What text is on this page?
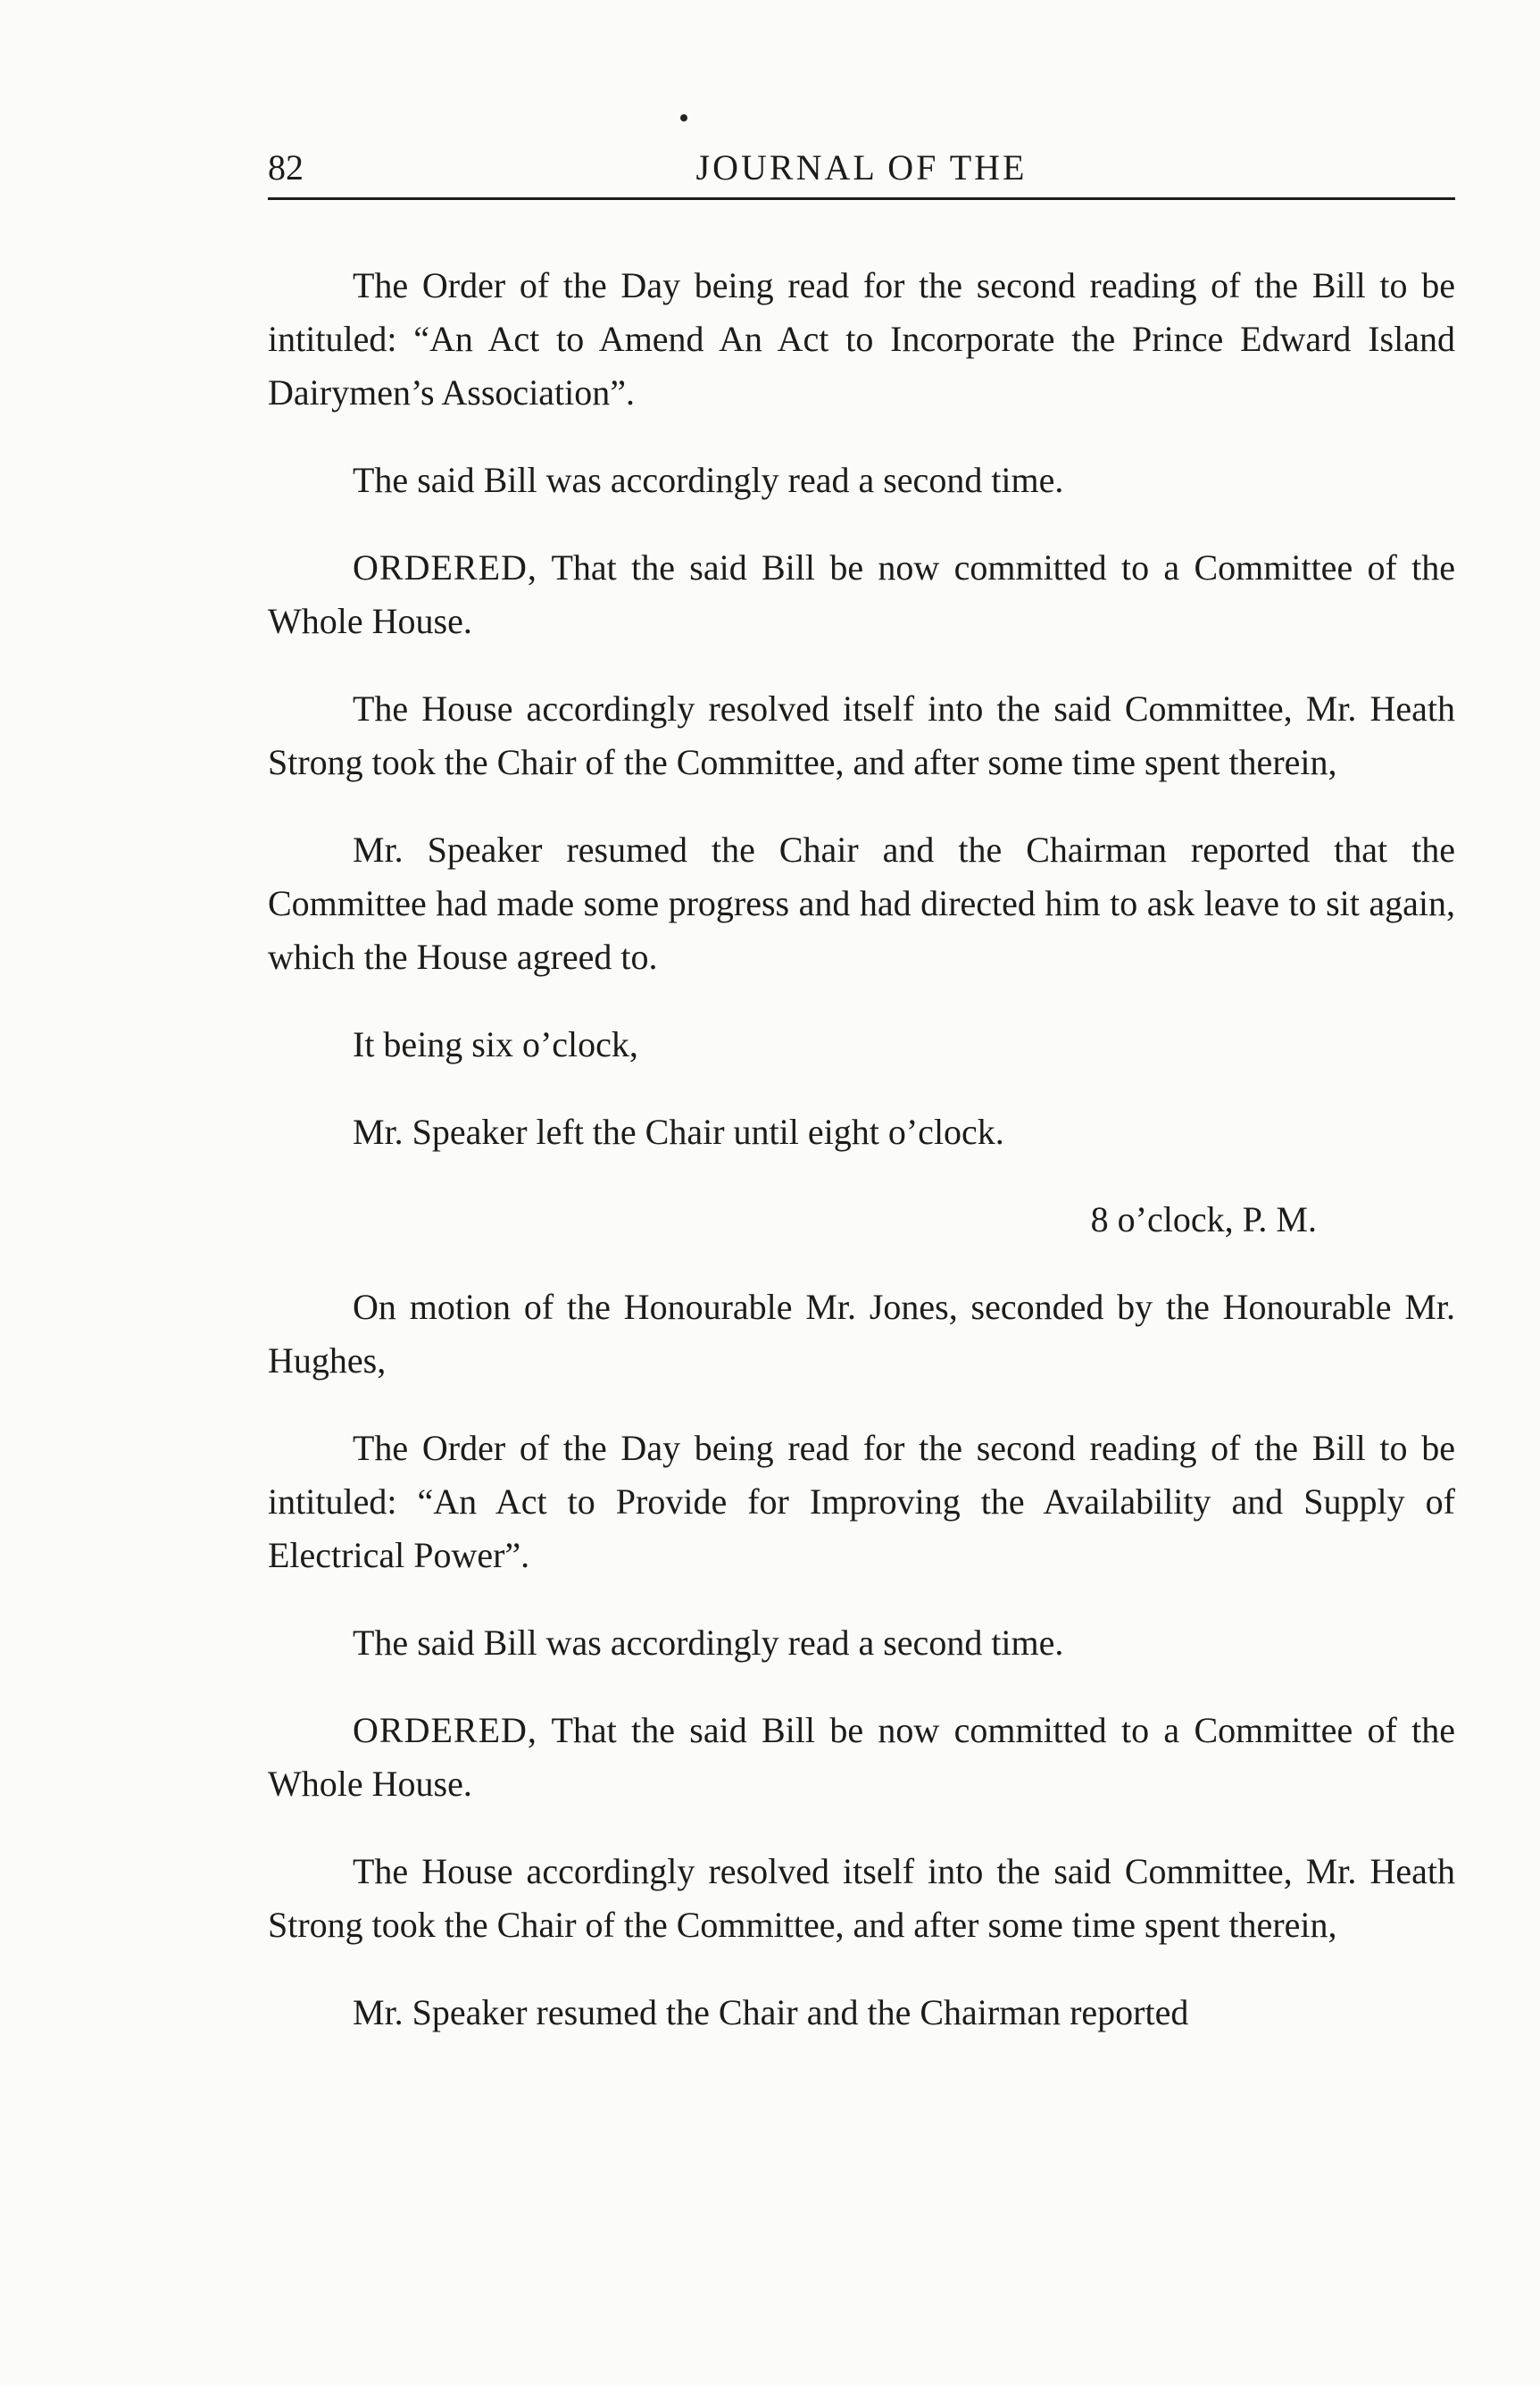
82	JOURNAL OF THE

The Order of the Day being read for the second reading of the Bill to be intituled: “An Act to Amend An Act to Incorporate the Prince Edward Island Dairymen’s Association”.

The said Bill was accordingly read a second time.

ORDERED, That the said Bill be now committed to a Committee of the Whole House.

The House accordingly resolved itself into the said Committee, Mr. Heath Strong took the Chair of the Committee, and after some time spent therein,

Mr. Speaker resumed the Chair and the Chairman reported that the Committee had made some progress and had directed him to ask leave to sit again, which the House agreed to.

It being six o’clock,

Mr. Speaker left the Chair until eight o’clock.

8 o’clock, P. M.

On motion of the Honourable Mr. Jones, seconded by the Honourable Mr. Hughes,

The Order of the Day being read for the second reading of the Bill to be intituled: “An Act to Provide for Improving the Availability and Supply of Electrical Power”.

The said Bill was accordingly read a second time.

ORDERED, That the said Bill be now committed to a Committee of the Whole House.

The House accordingly resolved itself into the said Committee, Mr. Heath Strong took the Chair of the Committee, and after some time spent therein,

Mr. Speaker resumed the Chair and the Chairman reported
